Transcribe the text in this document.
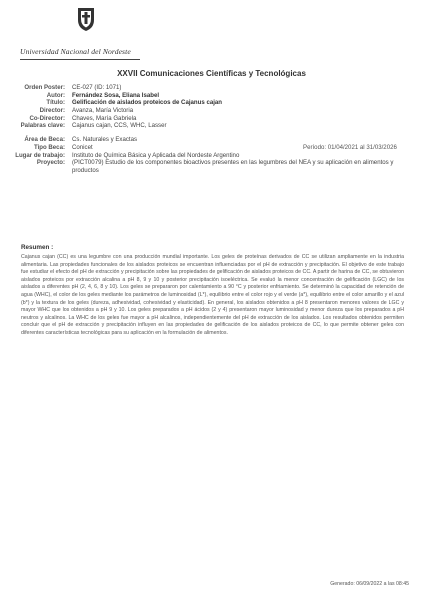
Universidad Nacional del Nordeste
XXVII Comunicaciones Científicas y Tecnológicas
Orden Poster: CE-027 (ID: 1071)
Autor: Fernández Sosa, Eliana Isabel
Título: Gelificación de aislados proteicos de Cajanus cajan
Director: Avanza, María Victoria
Co-Director: Chaves, María Gabriela
Palabras clave: Cajanus cajan, CCS, WHC, Lasser
Área de Beca: Cs. Naturales y Exactas
Tipo Beca: Conicet	Período: 01/04/2021 al 31/03/2026
Lugar de trabajo: Instituto de Química Básica y Aplicada del Nordeste Argentino
Proyecto: (PICT0079) Estudio de los componentes bioactivos presentes en las legumbres del NEA y su aplicación en alimentos y productos
Resumen :

Cajanus cajan (CC) es una legumbre con una producción mundial importante. Los geles de proteínas derivados de CC se utilizan ampliamente en la industria alimentaria. Las propiedades funcionales de los aislados proteicos se encuentran influenciadas por el pH de extracción y precipitación. El objetivo de este trabajo fue estudiar el efecto del pH de extracción y precipitación sobre las propiedades de gelificación de aislados proteicos de CC. A partir de harina de CC, se obtuvieron aislados proteicos por extracción alcalina a pH 8, 9 y 10 y posterior precipitación isoeléctrica. Se evaluó la menor concentración de gelificación (LGC) de los aislados a diferentes pH (2, 4, 6, 8 y 10). Los geles se prepararon por calentamiento a 90 °C y posterior enfriamiento. Se determinó la capacidad de retención de agua (WHC), el color de los geles mediante los parámetros de luminosidad (L*), equilibrio entre el color rojo y el verde (a*), equilibrio entre el color amarillo y el azul (b*) y la textura de los geles (dureza, adhesividad, cohesividad y elasticidad). En general, los aislados obtenidos a pH 8 presentaron menores valores de LGC y mayor WHC que los obtenidos a pH 9 y 10. Los geles preparados a pH ácidos (2 y 4) presentaron mayor luminosidad y menor dureza que los preparados a pH neutros y alcalinos. La WHC de los geles fue mayor a pH alcalinos, independientemente del pH de extracción de los aislados. Los resultados obtenidos permiten concluir que el pH de extracción y precipitación influyen en las propiedades de gelificación de los aislados proteicos de CC, lo que permite obtener geles con diferentes características tecnológicas para su aplicación en la formulación de alimentos.

Generado: 06/09/2022 a las 08:45
